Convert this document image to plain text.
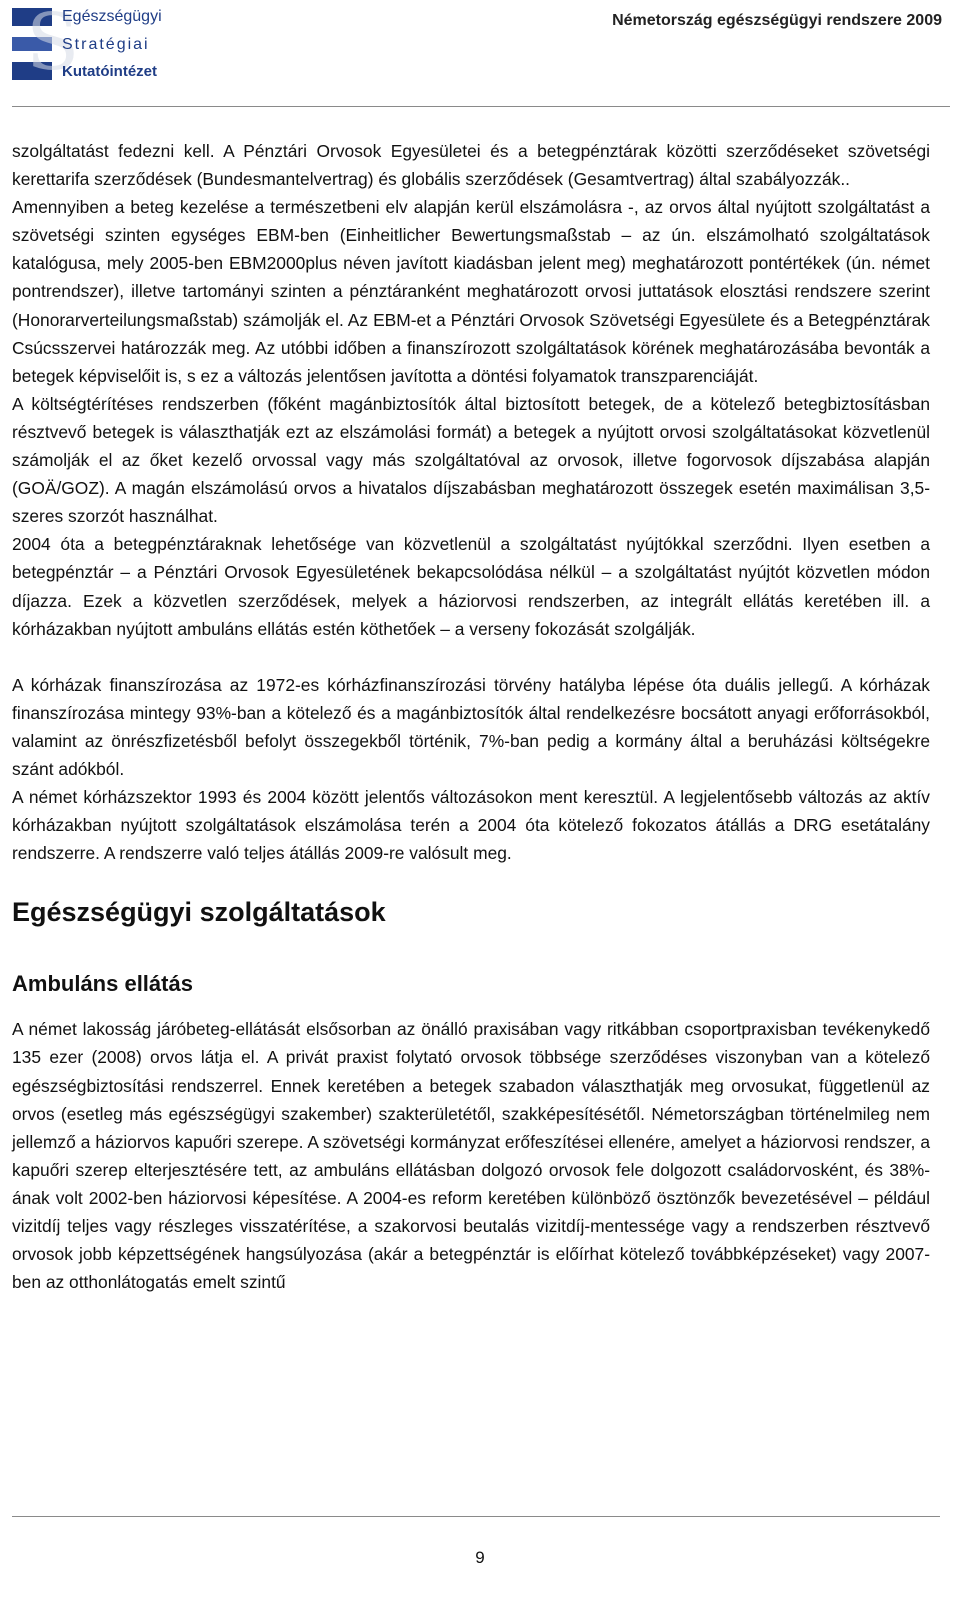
S
Egészségügyi
Stratégiai
Kutatóintézet
Németország egészségügyi rendszere 2009

szolgáltatást fedezni kell. A Pénztári Orvosok Egyesületei és a betegpénztárak közötti szerződéseket szövetségi kerettarifa szerződések (Bundesmantelvertrag) és globális szerződések (Gesamtvertrag) által szabályozzák..

Amennyiben a beteg kezelése a természetbeni elv alapján kerül elszámolásra -, az orvos által nyújtott szolgáltatást a szövetségi szinten egységes EBM-ben (Einheitlicher Bewertungsmaßstab – az ún. elszámolható szolgáltatások katalógusa, mely 2005-ben EBM2000plus néven javított kiadásban jelent meg) meghatározott pontértékek (ún. német pontrendszer), illetve tartományi szinten a pénztáranként meghatározott orvosi juttatások elosztási rendszere szerint (Honorarverteilungsmaßstab) számolják el. Az EBM-et a Pénztári Orvosok Szövetségi Egyesülete és a Betegpénztárak Csúcsszervei határozzák meg. Az utóbbi időben a finanszírozott szolgáltatások körének meghatározásába bevonták a betegek képviselőit is, s ez a változás jelentősen javította a döntési folyamatok transzparenciáját.

A költségtérítéses rendszerben (főként magánbiztosítók által biztosított betegek, de a kötelező betegbiztosításban résztvevő betegek is választhatják ezt az elszámolási formát) a betegek a nyújtott orvosi szolgáltatásokat közvetlenül számolják el az őket kezelő orvossal vagy más szolgáltatóval az orvosok, illetve fogorvosok díjszabása alapján (GOÄ/GOZ). A magán elszámolású orvos a hivatalos díjszabásban meghatározott összegek esetén maximálisan 3,5-szeres szorzót használhat.

2004 óta a betegpénztáraknak lehetősége van közvetlenül a szolgáltatást nyújtókkal szerződni. Ilyen esetben a betegpénztár – a Pénztári Orvosok Egyesületének bekapcsolódása nélkül – a szolgáltatást nyújtót közvetlen módon díjazza. Ezek a közvetlen szerződések, melyek a háziorvosi rendszerben, az integrált ellátás keretében ill. a kórházakban nyújtott ambuláns ellátás estén köthetőek – a verseny fokozását szolgálják.

A kórházak finanszírozása az 1972-es kórházfinanszírozási törvény hatályba lépése óta duális jellegű. A kórházak finanszírozása mintegy 93%-ban a kötelező és a magánbiztosítók által rendelkezésre bocsátott anyagi erőforrásokból, valamint az önrészfizetésből befolyt összegekből történik, 7%-ban pedig a kormány által a beruházási költségekre szánt adókból.

A német kórházszektor 1993 és 2004 között jelentős változásokon ment keresztül. A legjelentősebb változás az aktív kórházakban nyújtott szolgáltatások elszámolása terén a 2004 óta kötelező fokozatos átállás a DRG esetátalány rendszerre. A rendszerre való teljes átállás 2009-re valósult meg.

Egészségügyi szolgáltatások
Ambuláns ellátás

A német lakosság járóbeteg-ellátását elsősorban az önálló praxisában vagy ritkábban csoportpraxisban tevékenykedő 135 ezer (2008) orvos látja el. A privát praxist folytató orvosok többsége szerződéses viszonyban van a kötelező egészségbiztosítási rendszerrel. Ennek keretében a betegek szabadon választhatják meg orvosukat, függetlenül az orvos (esetleg más egészségügyi szakember) szakterületétől, szakképesítésétől. Németországban történelmileg nem jellemző a háziorvos kapuőri szerepe. A szövetségi kormányzat erőfeszítései ellenére, amelyet a háziorvosi rendszer, a kapuőri szerep elterjesztésére tett, az ambuláns ellátásban dolgozó orvosok fele dolgozott családorvosként, és 38%-ának volt 2002-ben háziorvosi képesítése. A 2004-es reform keretében különböző ösztönzők bevezetésével – például vizitdíj teljes vagy részleges visszatérítése, a szakorvosi beutalás vizitdíj-mentessége vagy a rendszerben résztvevő orvosok jobb képzettségének hangsúlyozása (akár a betegpénztár is előírhat kötelező továbbképzéseket) vagy 2007-ben az otthonlátogatás emelt szintű

9
